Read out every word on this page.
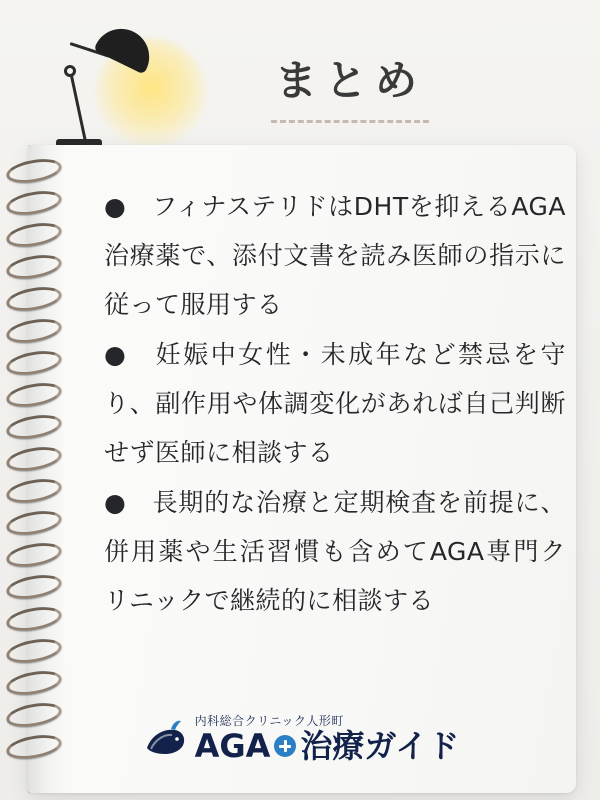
まとめ

●　フィナステリドはDHTを抑えるAGA治療薬で、添付文書を読み医師の指示に従って服用する

●　妊娠中女性・未成年など禁忌を守り、副作用や体調変化があれば自己判断せず医師に相談する

●　長期的な治療と定期検査を前提に、併用薬や生活習慣も含めてAGA専門クリニックで継続的に相談する

内科総合クリニック人形町
AGA 治療ガイド
